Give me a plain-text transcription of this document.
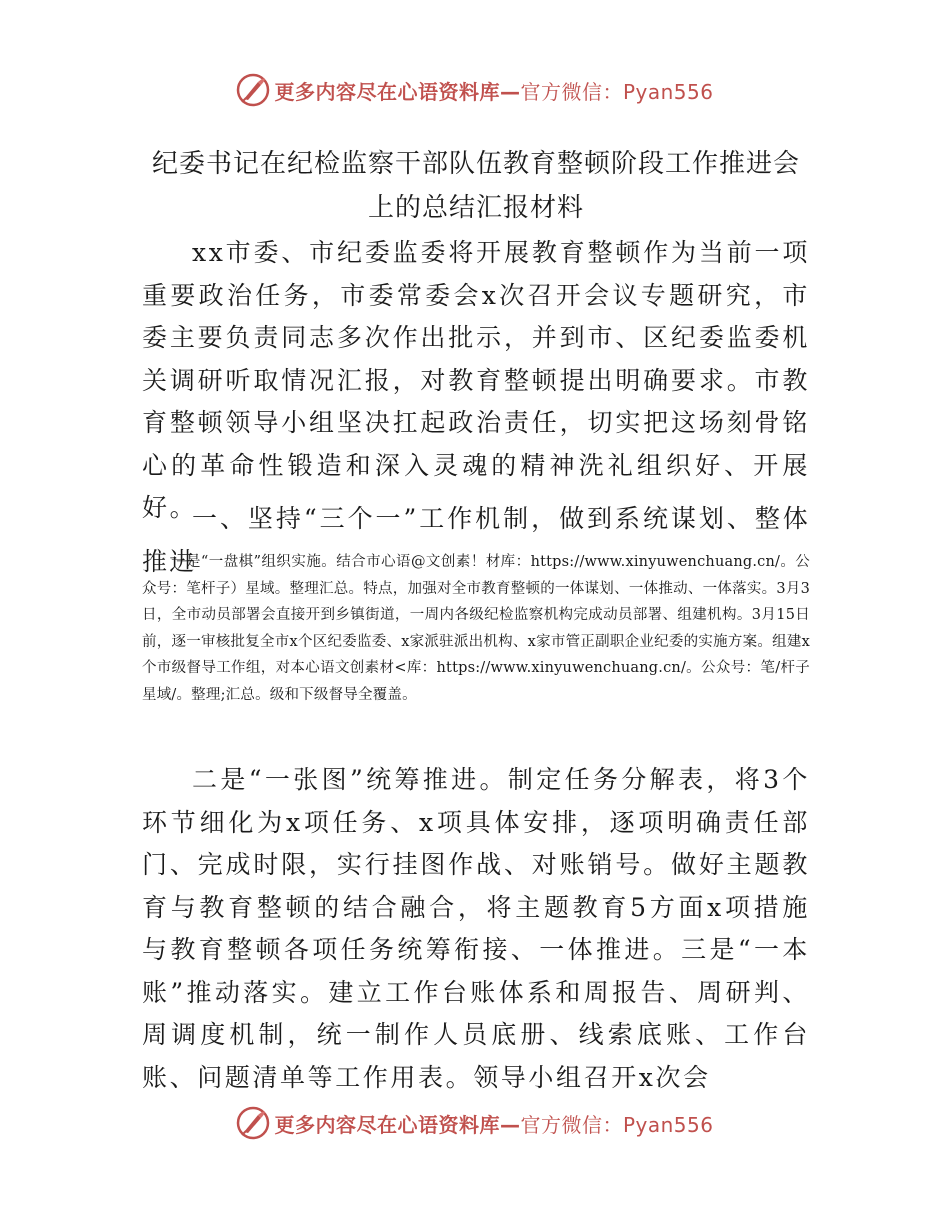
更多内容尽在心语资料库—官方微信：Pyan556
纪委书记在纪检监察干部队伍教育整顿阶段工作推进会上的总结汇报材料

xx市委、市纪委监委将开展教育整顿作为当前一项重要政治任务，市委常委会x次召开会议专题研究，市委主要负责同志多次作出批示，并到市、区纪委监委机关调研听取情况汇报，对教育整顿提出明确要求。市教育整顿领导小组坚决扛起政治责任，切实把这场刻骨铭心的革命性锻造和深入灵魂的精神洗礼组织好、开展好。

一、坚持“三个一”工作机制，做到系统谋划、整体推进

一是“一盘棋”组织实施。结合市心语@文创素！材库：https://www.xinyuwenchuang.cn/。公众号：笔杆子）星域。整理汇总。特点，加强对全市教育整顿的一体谋划、一体推动、一体落实。3月3日，全市动员部署会直接开到乡镇街道，一周内各级纪检监察机构完成动员部署、组建机构。3月15日前，逐一审核批复全市x个区纪委监委、x家派驻派出机构、x家市管正副职企业纪委的实施方案。组建x个市级督导工作组，对本心语文创素材<库：https://www.xinyuwenchuang.cn/。公众号：笔/杆子星域/。整理;汇总。级和下级督导全覆盖。

二是“一张图”统筹推进。制定任务分解表，将3个环节细化为x项任务、x项具体安排，逐项明确责任部门、完成时限，实行挂图作战、对账销号。做好主题教育与教育整顿的结合融合，将主题教育5方面x项措施与教育整顿各项任务统筹衔接、一体推进。三是“一本账”推动落实。建立工作台账体系和周报告、周研判、周调度机制，统一制作人员底册、线索底账、工作台账、问题清单等工作用表。领导小组召开x次会

更多内容尽在心语资料库—官方微信：Pyan556
